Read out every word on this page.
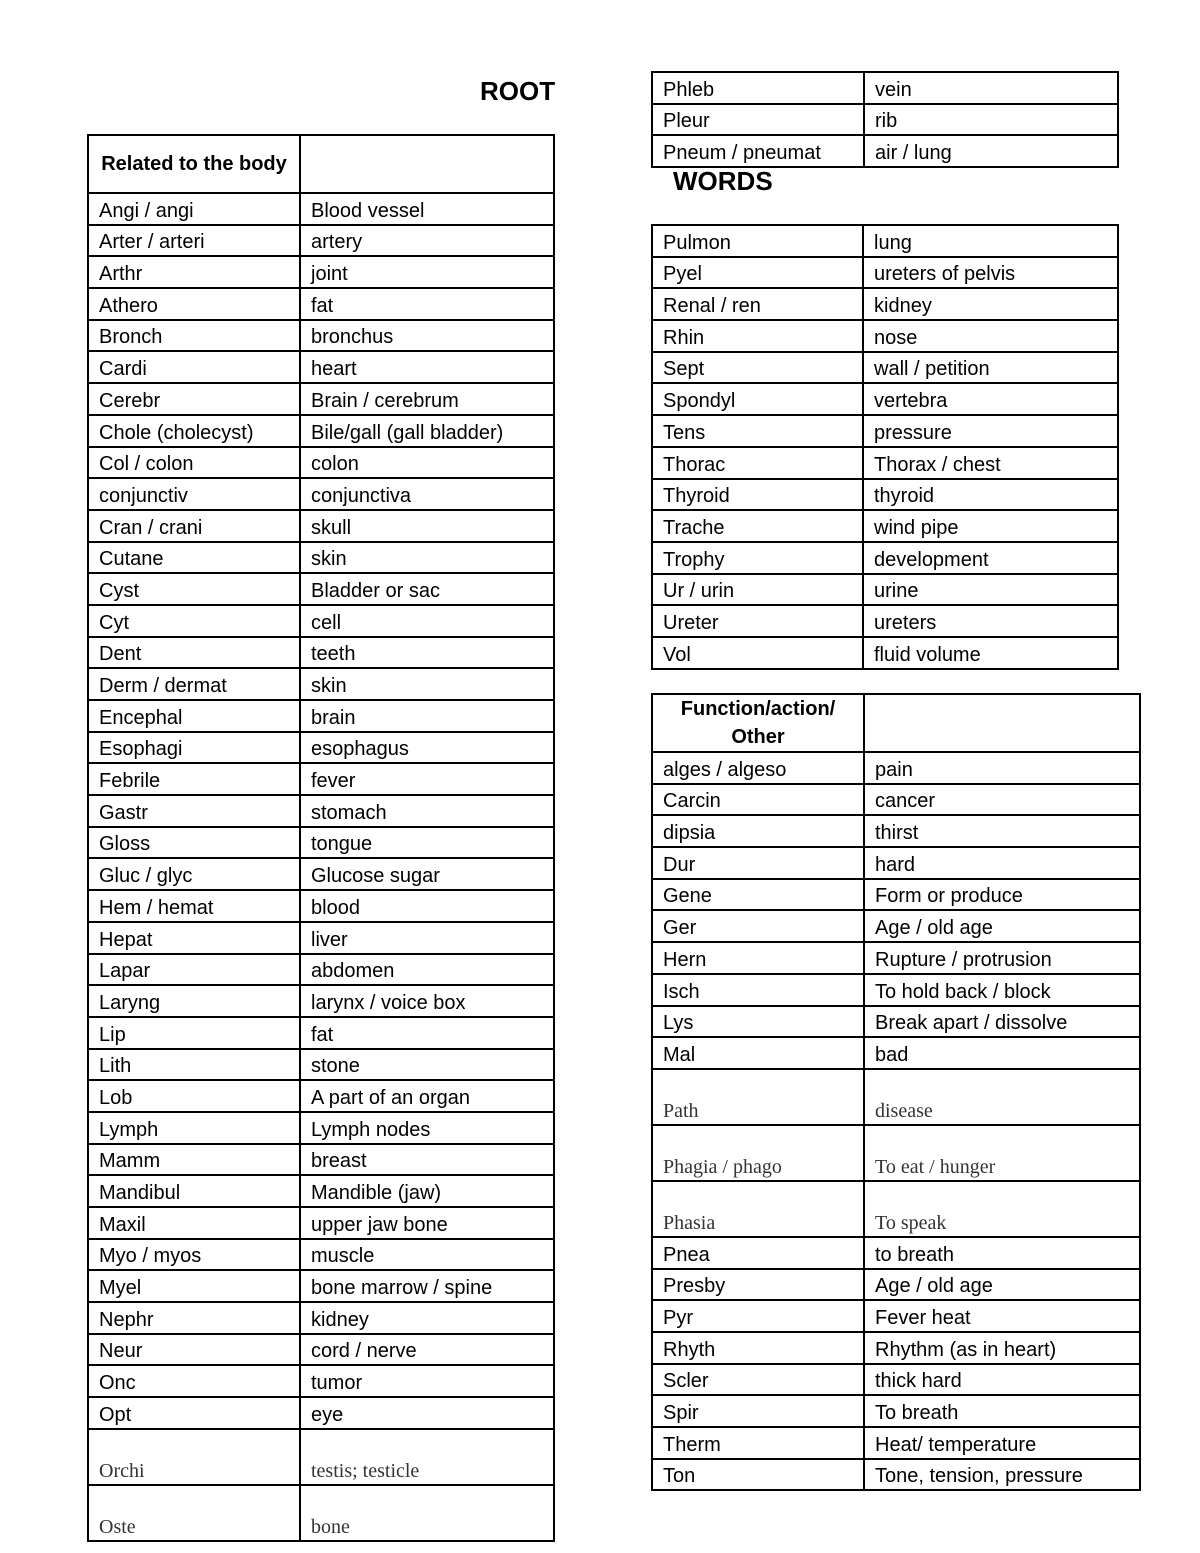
ROOT
WORDS
Related to the body	
Angi / angi	Blood vessel
Arter / arteri	artery
Arthr	joint
Athero	fat
Bronch	bronchus
Cardi	heart
Cerebr	Brain / cerebrum
Chole (cholecyst)	Bile/gall (gall bladder)
Col / colon	colon
conjunctiv	conjunctiva
Cran / crani	skull
Cutane	skin
Cyst	Bladder or sac
Cyt	cell
Dent	teeth
Derm / dermat	skin
Encephal	brain
Esophagi	esophagus
Febrile	fever
Gastr	stomach
Gloss	tongue
Gluc / glyc	Glucose sugar
Hem / hemat	blood
Hepat	liver
Lapar	abdomen
Laryng	larynx / voice box
Lip	fat
Lith	stone
Lob	A part of an organ
Lymph	Lymph nodes
Mamm	breast
Mandibul	Mandible (jaw)
Maxil	upper jaw bone
Myo / myos	muscle
Myel	bone marrow / spine
Nephr	kidney
Neur	cord / nerve
Onc	tumor
Opt	eye
Orchi	testis; testicle
Oste	bone
Phleb	vein
Pleur	rib
Pneum / pneumat	air / lung
Pulmon	lung
Pyel	ureters of pelvis
Renal / ren	kidney
Rhin	nose
Sept	wall / petition
Spondyl	vertebra
Tens	pressure
Thorac	Thorax / chest
Thyroid	thyroid
Trache	wind pipe
Trophy	development
Ur / urin	urine
Ureter	ureters
Vol	fluid volume
Function/action/ Other	
alges / algeso	pain
Carcin	cancer
dipsia	thirst
Dur	hard
Gene	Form or produce
Ger	Age / old age
Hern	Rupture / protrusion
Isch	To hold back / block
Lys	Break apart / dissolve
Mal	bad
Path	disease
Phagia / phago	To eat / hunger
Phasia	To speak
Pnea	to breath
Presby	Age / old age
Pyr	Fever heat
Rhyth	Rhythm (as in heart)
Scler	thick hard
Spir	To breath
Therm	Heat/ temperature
Ton	Tone, tension, pressure
